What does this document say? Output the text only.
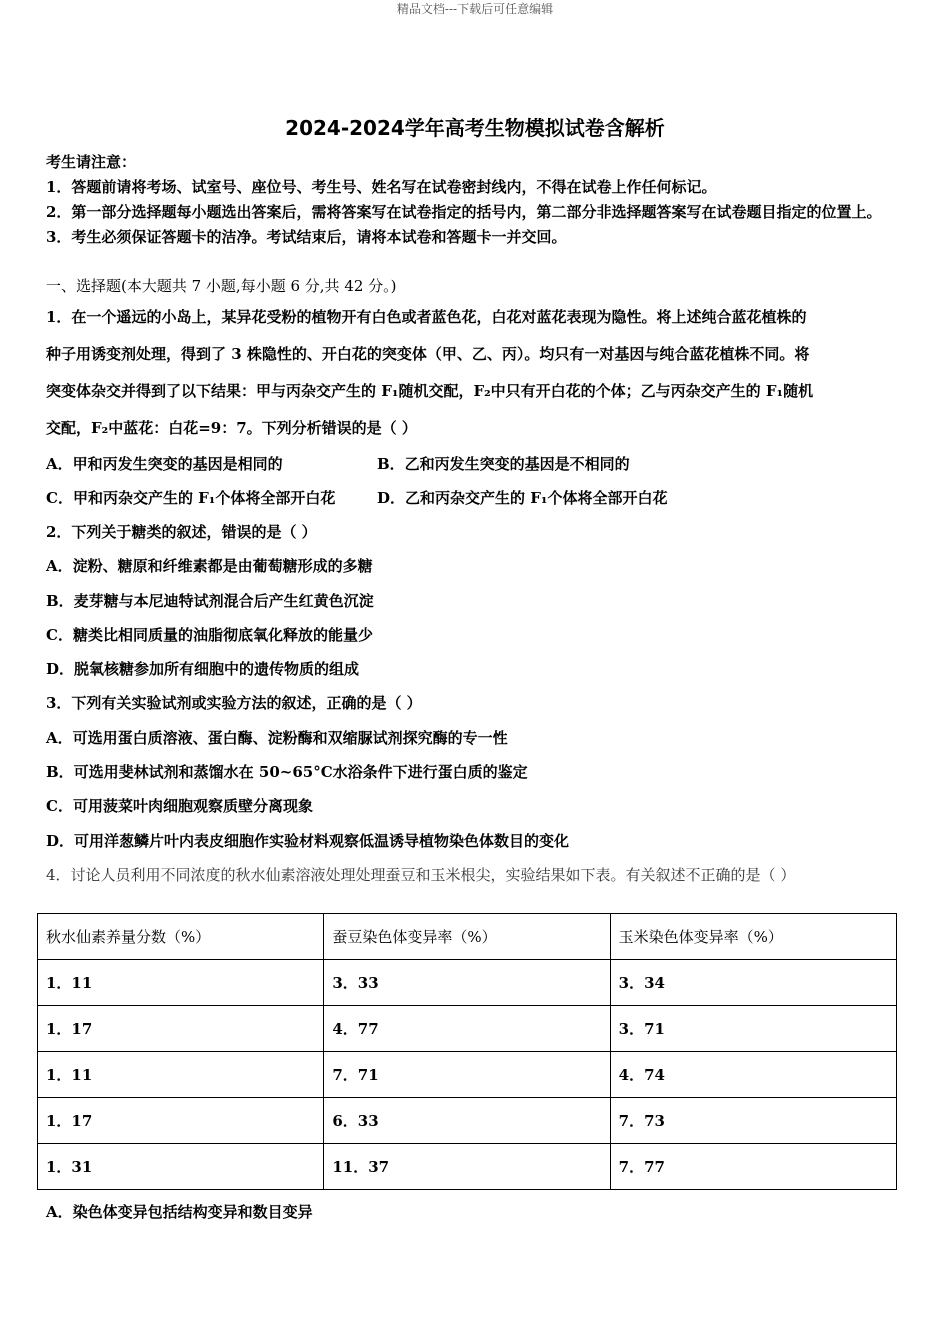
精品文档---下载后可任意编辑
2024-2024学年高考生物模拟试卷含解析
考生请注意：
1．答题前请将考场、试室号、座位号、考生号、姓名写在试卷密封线内，不得在试卷上作任何标记。
2．第一部分选择题每小题选出答案后，需将答案写在试卷指定的括号内，第二部分非选择题答案写在试卷题目指定的位置上。
3．考生必须保证答题卡的洁净。考试结束后，请将本试卷和答题卡一并交回。
一、选择题(本大题共 7 小题,每小题 6 分,共 42 分。)
1．在一个遥远的小岛上，某异花受粉的植物开有白色或者蓝色花，白花对蓝花表现为隐性。将上述纯合蓝花植株的
种子用诱变剂处理，得到了 3 株隐性的、开白花的突变体（甲、乙、丙）。均只有一对基因与纯合蓝花植株不同。将
突变体杂交并得到了以下结果：甲与丙杂交产生的 F₁随机交配，F₂中只有开白花的个体；乙与丙杂交产生的 F₁随机
交配，F₂中蓝花：白花=9：7。下列分析错误的是（ ）
A．甲和丙发生突变的基因是相同的	B．乙和丙发生突变的基因是不相同的
C．甲和丙杂交产生的 F₁个体将全部开白花	D．乙和丙杂交产生的 F₁个体将全部开白花
2．下列关于糖类的叙述，错误的是（ ）
A．淀粉、糖原和纤维素都是由葡萄糖形成的多糖
B．麦芽糖与本尼迪特试剂混合后产生红黄色沉淀
C．糖类比相同质量的油脂彻底氧化释放的能量少
D．脱氧核糖参加所有细胞中的遗传物质的组成
3．下列有关实验试剂或实验方法的叙述，正确的是（ ）
A．可选用蛋白质溶液、蛋白酶、淀粉酶和双缩脲试剂探究酶的专一性
B．可选用斐林试剂和蒸馏水在 50~65°C水浴条件下进行蛋白质的鉴定
C．可用菠菜叶肉细胞观察质壁分离现象
D．可用洋葱鳞片叶内表皮细胞作实验材料观察低温诱导植物染色体数目的变化
4．讨论人员利用不同浓度的秋水仙素溶液处理处理蚕豆和玉米根尖，实验结果如下表。有关叙述不正确的是（ ）
秋水仙素养量分数（%）	蚕豆染色体变异率（%）	玉米染色体变异率（%）
1．11	3．33	3．34
1．17	4．77	3．71
1．11	7．71	4．74
1．17	6．33	7．73
1．31	11．37	7．77
A．染色体变异包括结构变异和数目变异
